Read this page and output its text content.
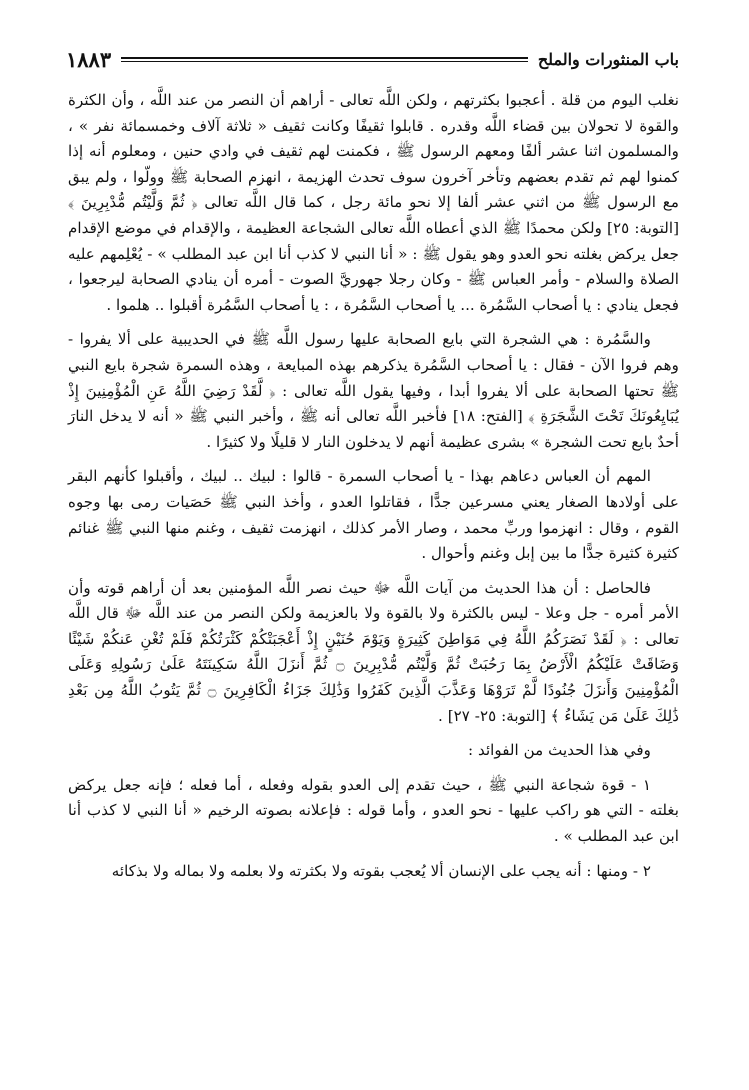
باب المنثورات والملح
١٨٨٣

نغلب اليوم من قلة . أعجبوا بكثرتهم ، ولكن اللَّه تعالى - أراهم أن النصر من عند اللَّه ، وأن الكثرة والقوة لا تحولان بين قضاء اللَّه وقدره . قابلوا ثقيفًا وكانت ثقيف « ثلاثة آلاف وخمسمائة نفر » ، والمسلمون اثنا عشر ألفًا ومعهم الرسول ﷺ ، فكمنت لهم ثقيف في وادي حنين ، ومعلوم أنه إذا كمنوا لهم ثم تقدم بعضهم وتأخر آخرون سوف تحدث الهزيمة ، انهزم الصحابة ﷺ وولّوا ، ولم يبق مع الرسول ﷺ من اثني عشر ألفا إلا نحو مائة رجل ، كما قال اللَّه تعالى ﴿ ثُمَّ وَلَّيْتُم مُّدْبِرِينَ ﴾ [التوبة: ٢٥] ولكن محمدًا ﷺ الذي أعطاه اللَّه تعالى الشجاعة العظيمة ، والإقدام في موضع الإقدام جعل يركض بغلته نحو العدو وهو يقول ﷺ : « أنا النبي لا كذب أنا ابن عبد المطلب » - يُعْلِمهم عليه الصلاة والسلام - وأمر العباس ﷺ - وكان رجلا جهوريَّ الصوت - أمره أن ينادي الصحابة ليرجعوا ، فجعل ينادي : يا أصحاب السَّمُرة ... يا أصحاب السَّمُرة ، : يا أصحاب السَّمُرة أقبلوا .. هلموا .

والسَّمُرة : هي الشجرة التي بايع الصحابة عليها رسول اللَّه ﷺ في الحديبية على ألا يفروا - وهم فروا الآن - فقال : يا أصحاب السَّمُرة يذكرهم بهذه المبايعة ، وهذه السمرة شجرة بايع النبي ﷺ تحتها الصحابة على ألا يفروا أبدا ، وفيها يقول اللَّه تعالى : ﴿ لَّقَدْ رَضِيَ اللَّهُ عَنِ الْمُؤْمِنِينَ إِذْ يُبَايِعُونَكَ تَحْتَ الشَّجَرَةِ ﴾ [الفتح: ١٨] فأخبر اللَّه تعالى أنه ﷺ ، وأخبر النبي ﷺ « أنه لا يدخل النارَ أحدٌ بايع تحت الشجرة » بشرى عظيمة أنهم لا يدخلون النار لا قليلًا ولا كثيرًا .

المهم أن العباس دعاهم بهذا - يا أصحاب السمرة - قالوا : لبيك .. لبيك ، وأقبلوا كأنهم البقر على أولادها الصغار يعني مسرعين جدًّا ، فقاتلوا العدو ، وأخذ النبي ﷺ حَصَيات رمى بها وجوه القوم ، وقال : انهزموا وربِّ محمد ، وصار الأمر كذلك ، انهزمت ثقيف ، وغنم منها النبي ﷺ غنائم كثيرة كثيرة جدًّا ما بين إبل وغنم وأحوال .

فالحاصل : أن هذا الحديث من آيات اللَّه ﷻ حيث نصر اللَّه المؤمنين بعد أن أراهم قوته وأن الأمر أمره - جل وعلا - ليس بالكثرة ولا بالقوة ولا بالعزيمة ولكن النصر من عند اللَّه ﷻ قال اللَّه تعالى : ﴿ لَقَدْ نَصَرَكُمُ اللَّهُ فِي مَوَاطِنَ كَثِيرَةٍ وَيَوْمَ حُنَيْنٍ إِذْ أَعْجَبَتْكُمْ كَثْرَتُكُمْ فَلَمْ تُغْنِ عَنكُمْ شَيْئًا وَضَاقَتْ عَلَيْكُمُ الْأَرْضُ بِمَا رَحُبَتْ ثُمَّ وَلَّيْتُم مُّدْبِرِينَ ۝ ثُمَّ أَنزَلَ اللَّهُ سَكِينَتَهُ عَلَىٰ رَسُولِهِ وَعَلَى الْمُؤْمِنِينَ وَأَنزَلَ جُنُودًا لَّمْ تَرَوْهَا وَعَذَّبَ الَّذِينَ كَفَرُوا وَذَٰلِكَ جَزَاءُ الْكَافِرِينَ ۝ ثُمَّ يَتُوبُ اللَّهُ مِن بَعْدِ ذَٰلِكَ عَلَىٰ مَن يَشَاءُ ﴾ [التوبة: ٢٥- ٢٧] .

وفي هذا الحديث من الفوائد :

١ - قوة شجاعة النبي ﷺ ، حيث تقدم إلى العدو بقوله وفعله ، أما فعله ؛ فإنه جعل يركض بغلته - التي هو راكب عليها - نحو العدو ، وأما قوله : فإعلانه بصوته الرخيم « أنا النبي لا كذب أنا ابن عبد المطلب » .

٢ - ومنها : أنه يجب على الإنسان ألا يُعجب بقوته ولا بكثرته ولا بعلمه ولا بماله ولا بذكائه
